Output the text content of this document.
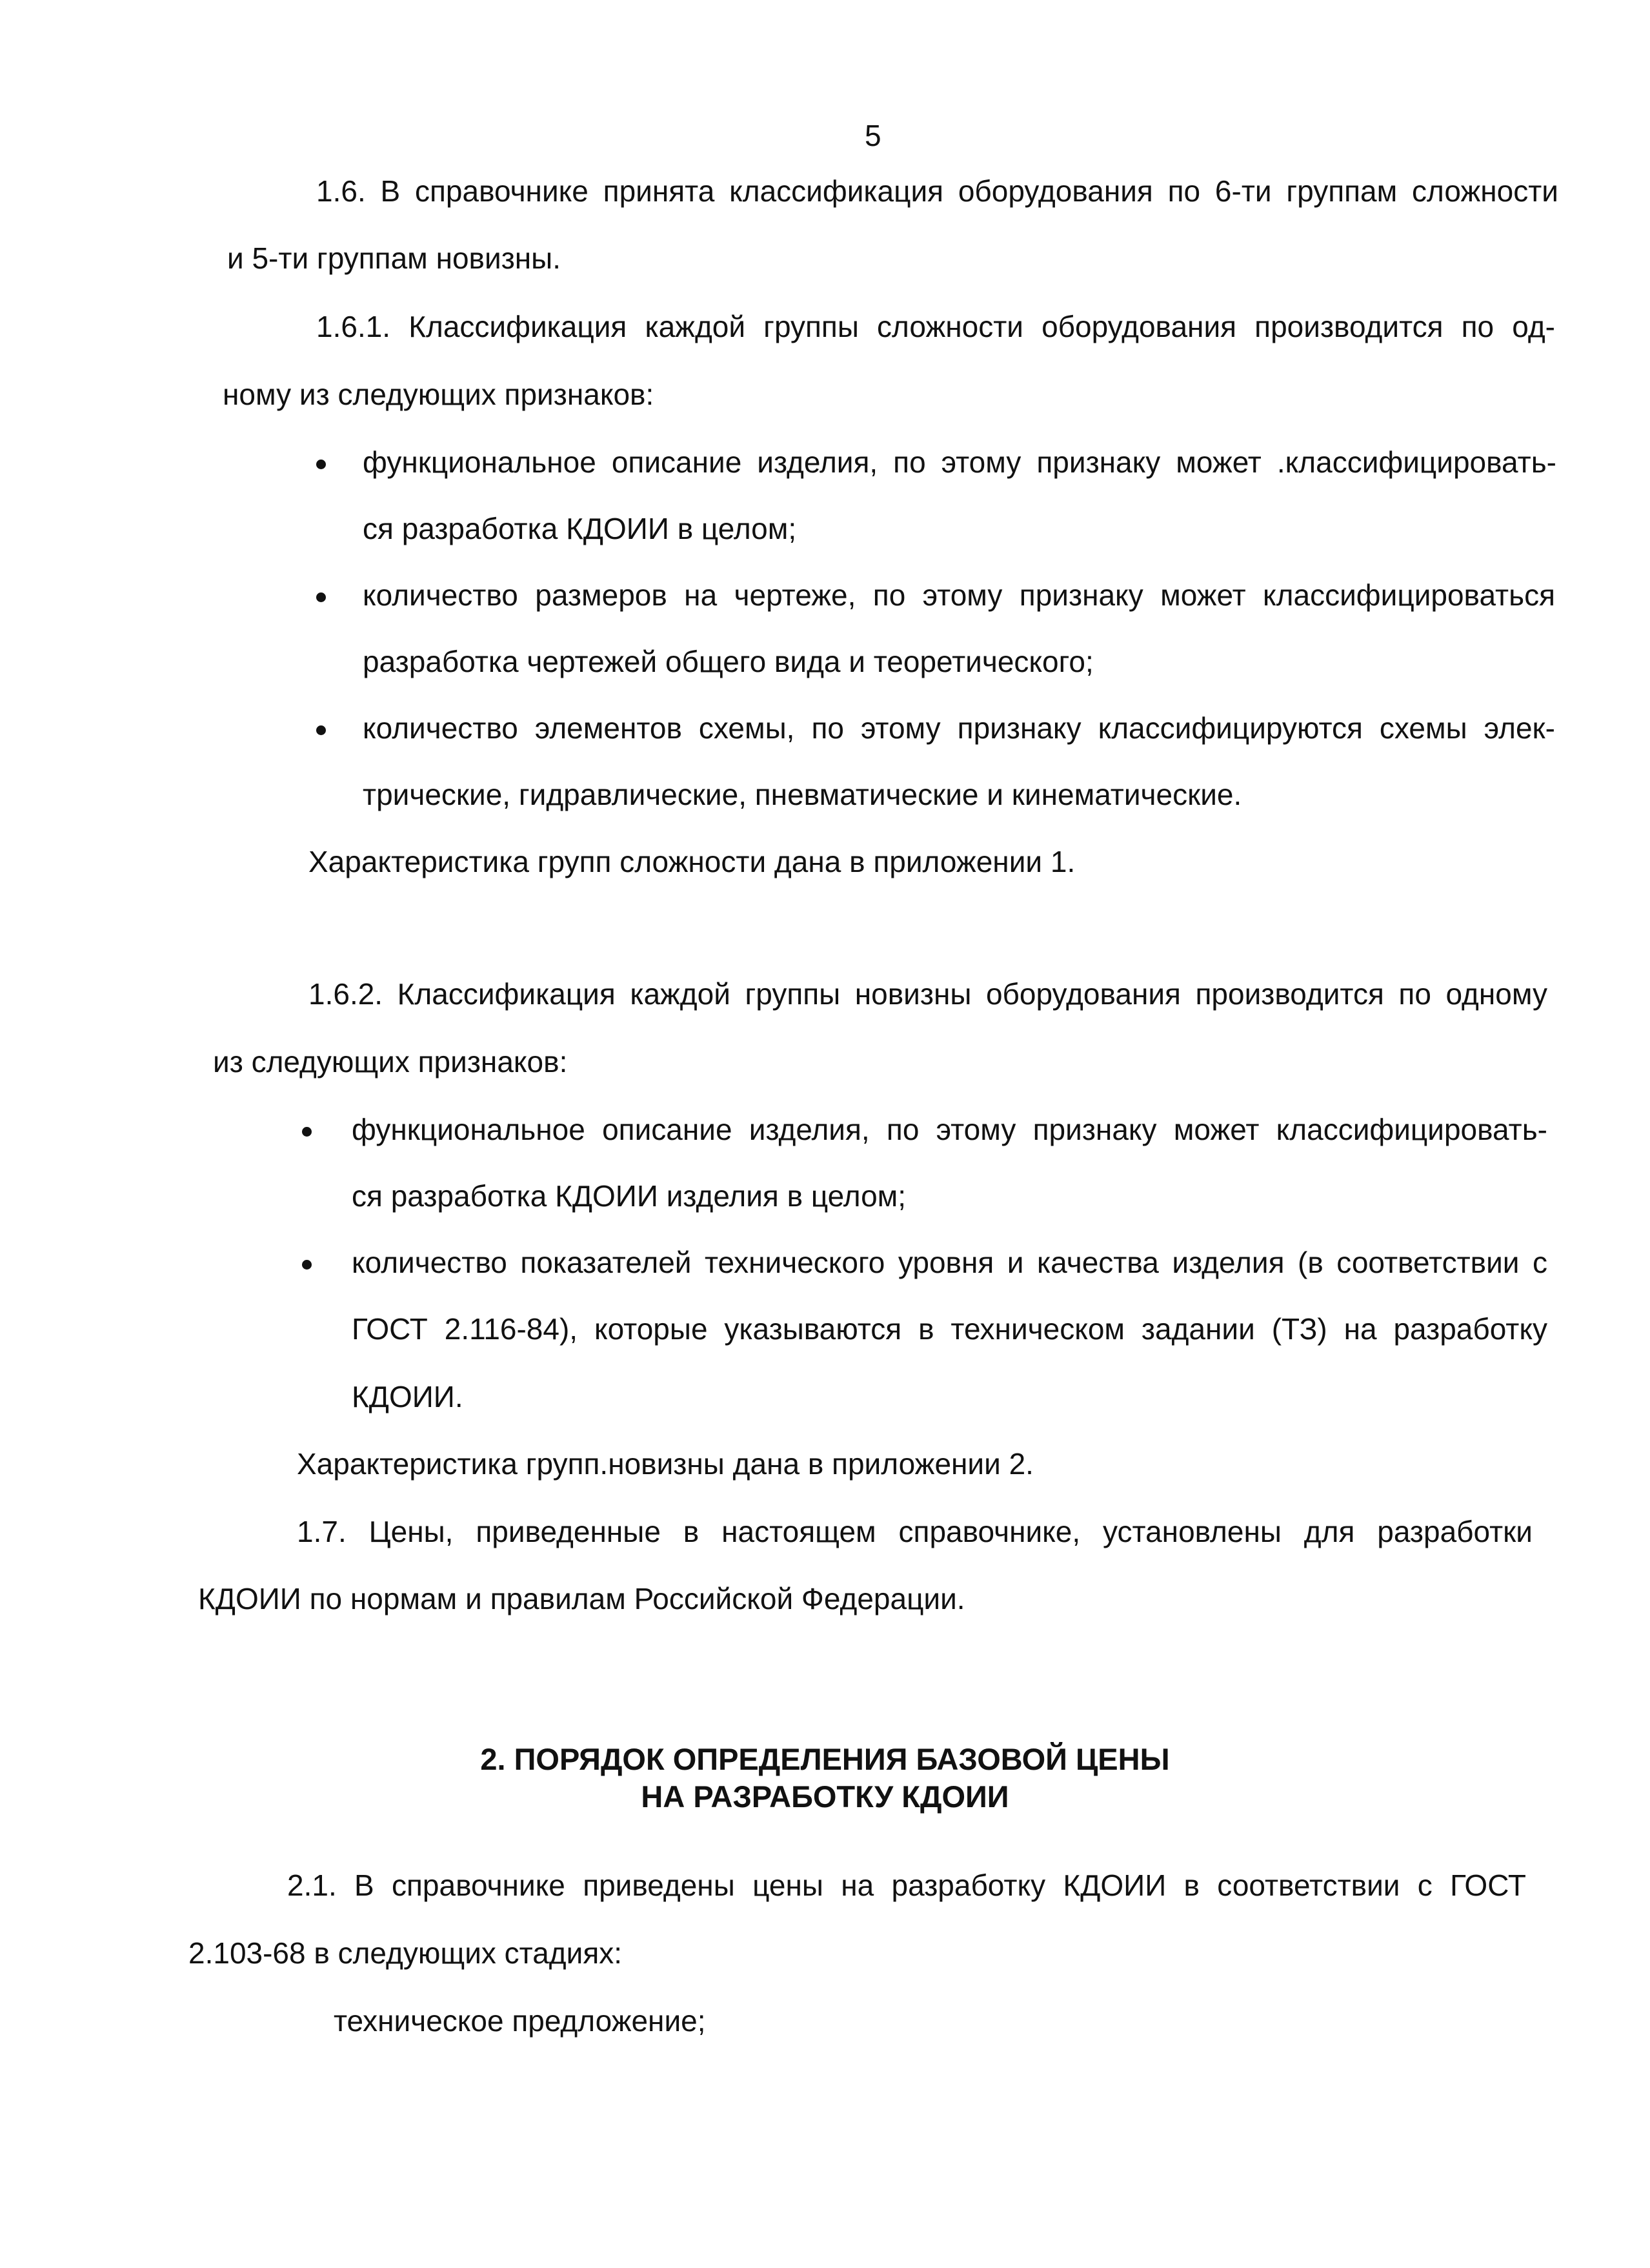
5
1.6. В справочнике принята классификация оборудования по 6-ти группам сложности
и 5-ти группам новизны.
1.6.1. Классификация каждой группы сложности оборудования производится по од-
ному из следующих признаков:
функциональное описание изделия, по этому признаку может .классифицировать-
ся разработка КДОИИ в целом;
количество размеров на чертеже, по этому признаку может классифицироваться
разработка чертежей общего вида и теоретического;
количество элементов схемы, по этому признаку классифицируются схемы элек-
трические, гидравлические, пневматические и кинематические.
Характеристика групп сложности дана в приложении 1.
1.6.2. Классификация каждой группы новизны оборудования производится по одному
из следующих признаков:
функциональное описание изделия, по этому признаку может классифицировать-
ся разработка КДОИИ изделия в целом;
количество показателей технического уровня и качества изделия (в соответствии с
ГОСТ 2.116-84), которые указываются в техническом задании (ТЗ) на разработку
КДОИИ.
Характеристика групп.новизны дана в приложении 2.
1.7. Цены, приведенные в настоящем справочнике, установлены для разработки
КДОИИ по нормам и правилам Российской Федерации.
2. ПОРЯДОК ОПРЕДЕЛЕНИЯ БАЗОВОЙ ЦЕНЫ
НА РАЗРАБОТКУ КДОИИ
2.1. В справочнике приведены цены на разработку КДОИИ в соответствии с ГОСТ
2.103-68 в следующих стадиях:
техническое предложение;
